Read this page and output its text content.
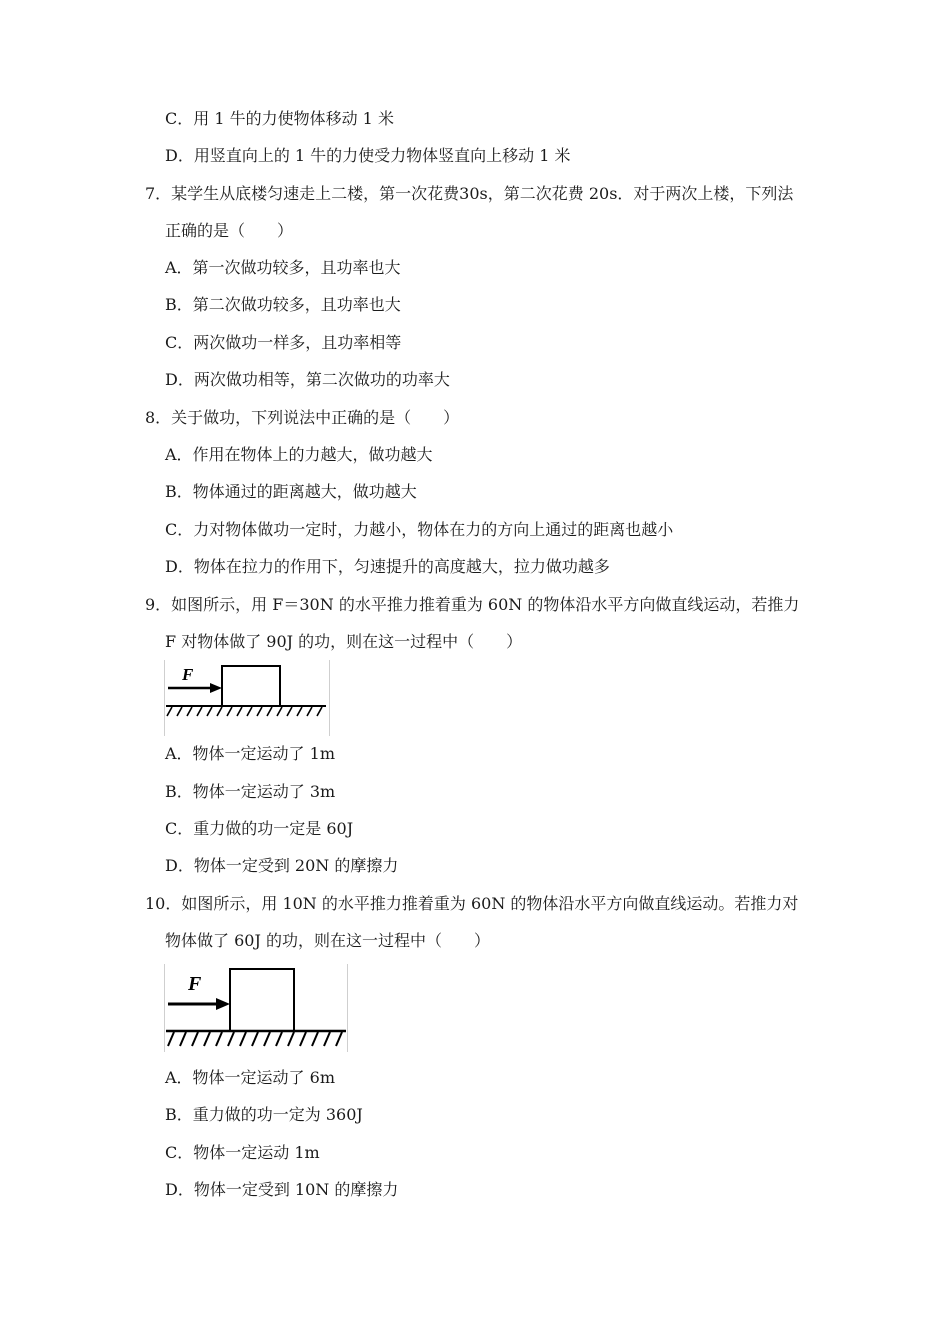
C．用 1 牛的力使物体移动 1 米
D．用竖直向上的 1 牛的力使受力物体竖直向上移动 1 米
7．某学生从底楼匀速走上二楼，第一次花费30s，第二次花费 20s．对于两次上楼，下列法
正确的是（　　）
A．第一次做功较多，且功率也大
B．第二次做功较多，且功率也大
C．两次做功一样多，且功率相等
D．两次做功相等，第二次做功的功率大
8．关于做功，下列说法中正确的是（　　）
A．作用在物体上的力越大，做功越大
B．物体通过的距离越大，做功越大
C．力对物体做功一定时，力越小，物体在力的方向上通过的距离也越小
D．物体在拉力的作用下，匀速提升的高度越大，拉力做功越多
9．如图所示，用 F＝30N 的水平推力推着重为 60N 的物体沿水平方向做直线运动，若推力
F 对物体做了 90J 的功，则在这一过程中（　　）
F
A．物体一定运动了 1m
B．物体一定运动了 3m
C．重力做的功一定是 60J
D．物体一定受到 20N 的摩擦力
10．如图所示，用 10N 的水平推力推着重为 60N 的物体沿水平方向做直线运动。若推力对
物体做了 60J 的功，则在这一过程中（　　）
F
A．物体一定运动了 6m
B．重力做的功一定为 360J
C．物体一定运动 1m
D．物体一定受到 10N 的摩擦力
